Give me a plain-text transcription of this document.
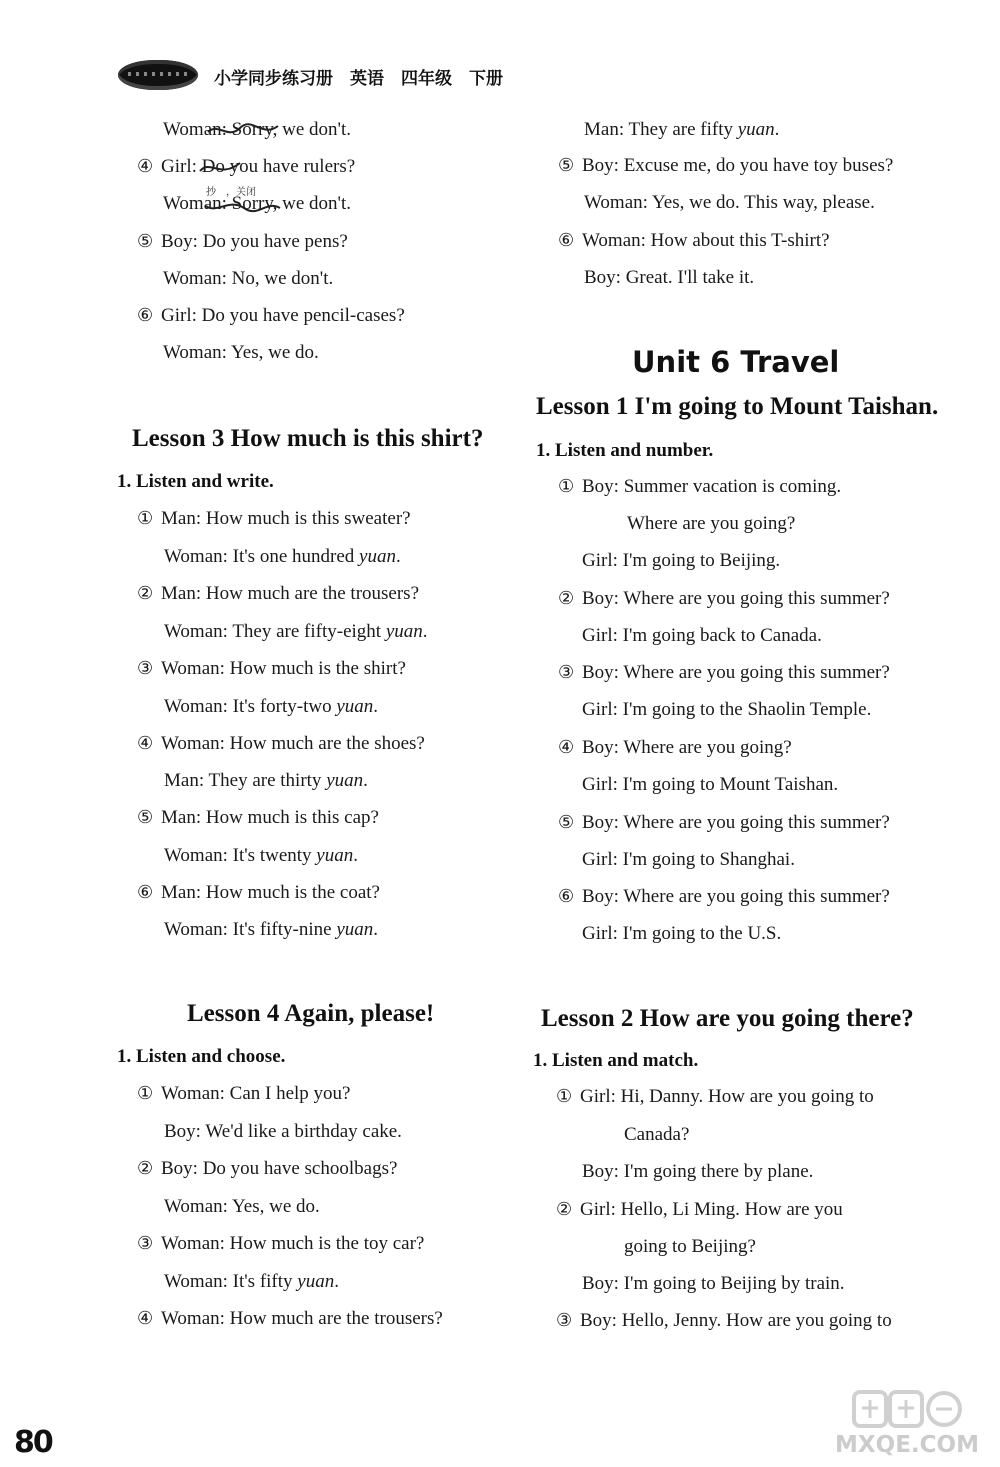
小学同步练习册　英语　四年级　下册
Woman: Sorry, we don't.
④ Girl: Do you have rulers?
抄　，关闭
Woman: Sorry, we don't.
⑤ Boy: Do you have pens?
Woman: No, we don't.
⑥ Girl: Do you have pencil-cases?
Woman: Yes, we do.
Lesson 3 How much is this shirt?
1. Listen and write.
① Man: How much is this sweater?
Woman: It's one hundred yuan.
② Man: How much are the trousers?
Woman: They are fifty-eight yuan.
③ Woman: How much is the shirt?
Woman: It's forty-two yuan.
④ Woman: How much are the shoes?
Man: They are thirty yuan.
⑤ Man: How much is this cap?
Woman: It's twenty yuan.
⑥ Man: How much is the coat?
Woman: It's fifty-nine yuan.
Lesson 4 Again, please!
1. Listen and choose.
① Woman: Can I help you?
Boy: We'd like a birthday cake.
② Boy: Do you have schoolbags?
Woman: Yes, we do.
③ Woman: How much is the toy car?
Woman: It's fifty yuan.
④ Woman: How much are the trousers?
Man: They are fifty yuan.
⑤ Boy: Excuse me, do you have toy buses?
Woman: Yes, we do. This way, please.
⑥ Woman: How about this T-shirt?
Boy: Great. I'll take it.
Unit 6 Travel
Lesson 1 I'm going to Mount Taishan.
1. Listen and number.
① Boy: Summer vacation is coming.
Where are you going?
Girl: I'm going to Beijing.
② Boy: Where are you going this summer?
Girl: I'm going back to Canada.
③ Boy: Where are you going this summer?
Girl: I'm going to the Shaolin Temple.
④ Boy: Where are you going?
Girl: I'm going to Mount Taishan.
⑤ Boy: Where are you going this summer?
Girl: I'm going to Shanghai.
⑥ Boy: Where are you going this summer?
Girl: I'm going to the U.S.
Lesson 2 How are you going there?
1. Listen and match.
① Girl: Hi, Danny. How are you going to
Canada?
Boy: I'm going there by plane.
② Girl: Hello, Li Ming. How are you
going to Beijing?
Boy: I'm going to Beijing by train.
③ Boy: Hello, Jenny. How are you going to
80	MXQE.COM
